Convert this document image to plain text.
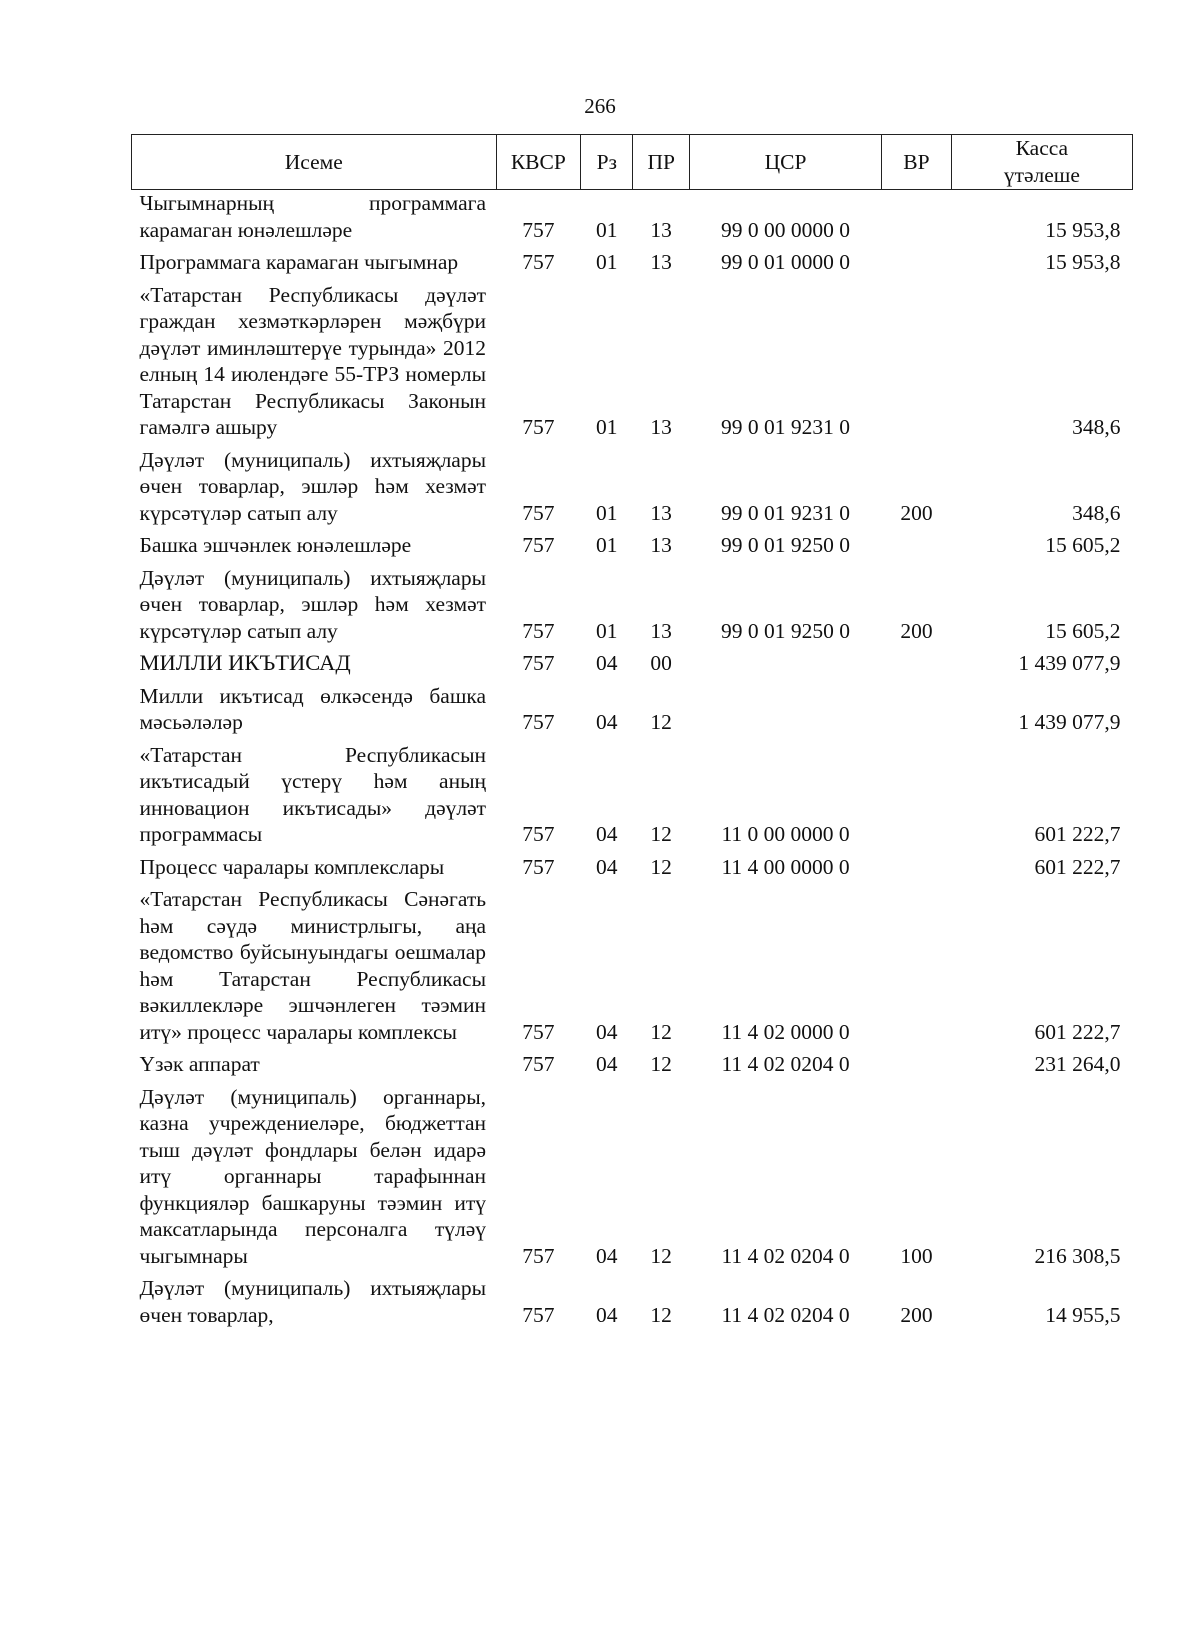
266
Исеме	КВСР	Рз	ПР	ЦСР	ВР	Касса
үтәлеше
Чыгымнарның программага карамаган юнәлешләре	757	01	13	99 0 00 0000 0		15 953,8
Программага карамаган чыгымнар	757	01	13	99 0 01 0000 0		15 953,8
«Татарстан Республикасы дәүләт граждан хезмәткәрләрен мәҗбүри дәүләт иминләштерүе турында» 2012 елның 14 июлендәге 55-ТРЗ номерлы Татарстан Республикасы Законын гамәлгә ашыру	757	01	13	99 0 01 9231 0		348,6
Дәүләт (муниципаль) ихтыяҗлары өчен товарлар, эшләр һәм хезмәт күрсәтүләр сатып алу	757	01	13	99 0 01 9231 0	200	348,6
Башка эшчәнлек юнәлешләре	757	01	13	99 0 01 9250 0		15 605,2
Дәүләт (муниципаль) ихтыяҗлары өчен товарлар, эшләр һәм хезмәт күрсәтүләр сатып алу	757	01	13	99 0 01 9250 0	200	15 605,2
МИЛЛИ ИКЪТИСАД	757	04	00			1 439 077,9
Милли икътисад өлкәсендә башка мәсьәләләр	757	04	12			1 439 077,9
«Татарстан Республикасын икътисадый үстерү һәм аның инновацион икътисады» дәүләт программасы	757	04	12	11 0 00 0000 0		601 222,7
Процесс чаралары комплекслары	757	04	12	11 4 00 0000 0		601 222,7
«Татарстан Республикасы Сәнәгать һәм сәүдә министрлыгы, аңа ведомство буйсынуындагы оешмалар һәм Татарстан Республикасы вәкиллекләре эшчәнлеген тәэмин итү» процесс чаралары комплексы	757	04	12	11 4 02 0000 0		601 222,7
Үзәк аппарат	757	04	12	11 4 02 0204 0		231 264,0
Дәүләт (муниципаль) органнары, казна учреждениеләре, бюджеттан тыш дәүләт фондлары белән идарә итү органнары тарафыннан функцияләр башкаруны тәэмин итү максатларында персоналга түләү чыгымнары	757	04	12	11 4 02 0204 0	100	216 308,5
Дәүләт (муниципаль) ихтыяҗлары өчен товарлар,	757	04	12	11 4 02 0204 0	200	14 955,5
